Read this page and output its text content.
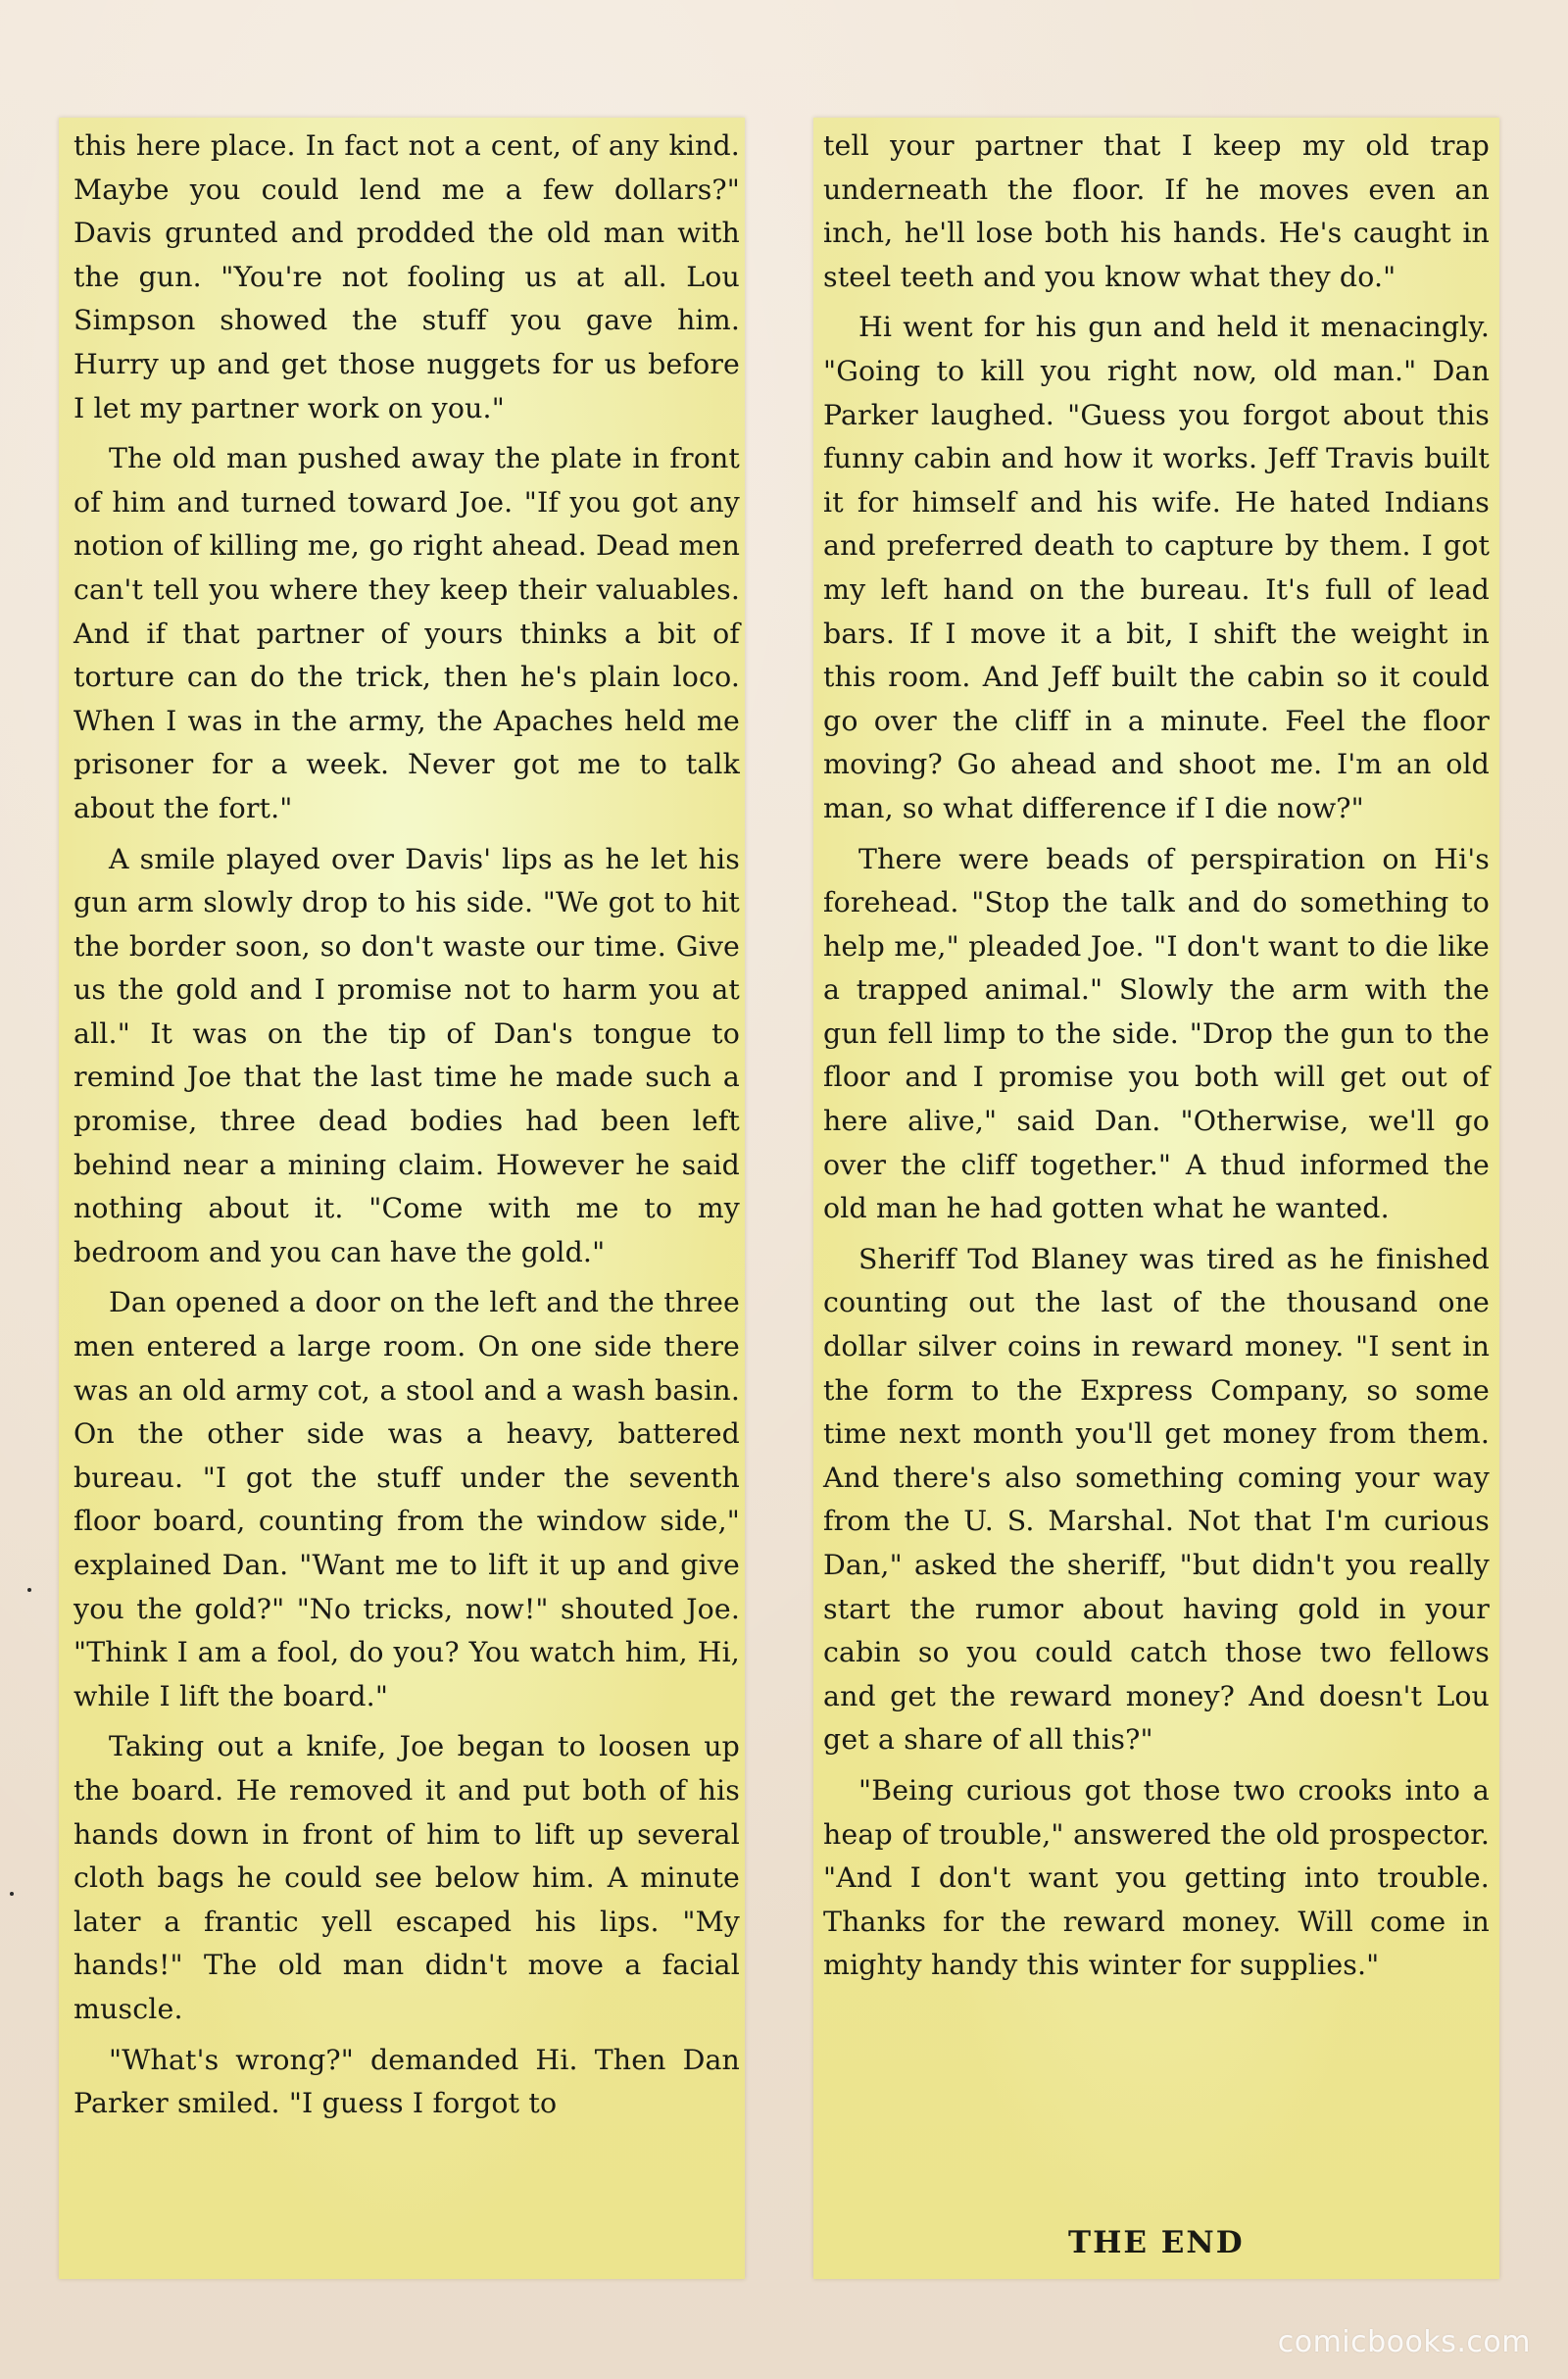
this here place. In fact not a cent, of any kind. Maybe you could lend me a few dollars?" Davis grunted and prodded the old man with the gun. "You're not fooling us at all. Lou Simpson showed the stuff you gave him. Hurry up and get those nuggets for us before I let my partner work on you."

The old man pushed away the plate in front of him and turned toward Joe. "If you got any notion of killing me, go right ahead. Dead men can't tell you where they keep their valuables. And if that partner of yours thinks a bit of torture can do the trick, then he's plain loco. When I was in the army, the Apaches held me prisoner for a week. Never got me to talk about the fort."

A smile played over Davis' lips as he let his gun arm slowly drop to his side. "We got to hit the border soon, so don't waste our time. Give us the gold and I promise not to harm you at all." It was on the tip of Dan's tongue to remind Joe that the last time he made such a promise, three dead bodies had been left behind near a mining claim. However he said nothing about it. "Come with me to my bedroom and you can have the gold."

Dan opened a door on the left and the three men entered a large room. On one side there was an old army cot, a stool and a wash basin. On the other side was a heavy, battered bureau. "I got the stuff under the seventh floor board, counting from the window side," explained Dan. "Want me to lift it up and give you the gold?" "No tricks, now!" shouted Joe. "Think I am a fool, do you? You watch him, Hi, while I lift the board."

Taking out a knife, Joe began to loosen up the board. He removed it and put both of his hands down in front of him to lift up several cloth bags he could see below him. A minute later a frantic yell escaped his lips. "My hands!" The old man didn't move a facial muscle.

"What's wrong?" demanded Hi. Then Dan Parker smiled. "I guess I forgot to

tell your partner that I keep my old trap underneath the floor. If he moves even an inch, he'll lose both his hands. He's caught in steel teeth and you know what they do."

Hi went for his gun and held it menacingly. "Going to kill you right now, old man." Dan Parker laughed. "Guess you forgot about this funny cabin and how it works. Jeff Travis built it for himself and his wife. He hated Indians and preferred death to capture by them. I got my left hand on the bureau. It's full of lead bars. If I move it a bit, I shift the weight in this room. And Jeff built the cabin so it could go over the cliff in a minute. Feel the floor moving? Go ahead and shoot me. I'm an old man, so what difference if I die now?"

There were beads of perspiration on Hi's forehead. "Stop the talk and do something to help me," pleaded Joe. "I don't want to die like a trapped animal." Slowly the arm with the gun fell limp to the side. "Drop the gun to the floor and I promise you both will get out of here alive," said Dan. "Otherwise, we'll go over the cliff together." A thud informed the old man he had gotten what he wanted.

Sheriff Tod Blaney was tired as he finished counting out the last of the thousand one dollar silver coins in reward money. "I sent in the form to the Express Company, so some time next month you'll get money from them. And there's also something coming your way from the U. S. Marshal. Not that I'm curious Dan," asked the sheriff, "but didn't you really start the rumor about having gold in your cabin so you could catch those two fellows and get the reward money? And doesn't Lou get a share of all this?"

"Being curious got those two crooks into a heap of trouble," answered the old prospector. "And I don't want you getting into trouble. Thanks for the reward money. Will come in mighty handy this winter for supplies."

THE END
comicbooks.com
